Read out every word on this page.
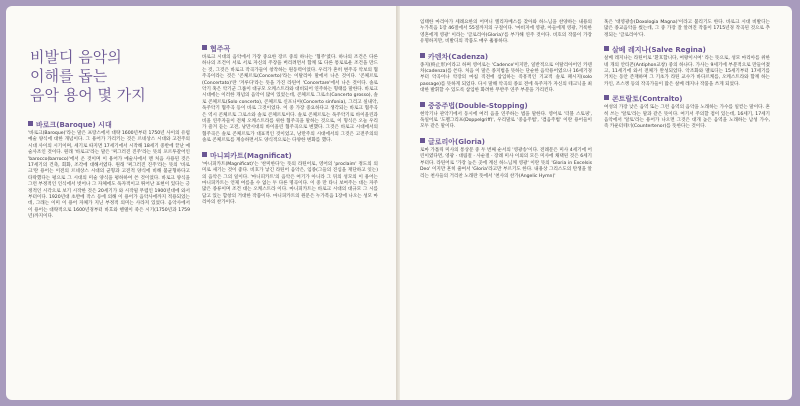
비발디 음악의
이해를 돕는
음악 용어 몇 가지
바로크(Baroque) 시대

'바로크(Baroque)'라는 말은 프랑스에서 대략 1600년부터 1750년 사이의 유럽 예술 양식에 대한 개념이다. 그 용어가 가리키는 것은 르네상스 시대와 고전주의 시대 사이의 시기이며, 세기로 따지면 17세기에서 시작해 18세기 중반에 끝난 예술사조인 것이다. 원래 '바로크'라는 말은 '찌그러진 진주'라는 뜻의 포르투갈어인 'barocco(barroco)'에서 온 것이며 이 용어가 예술사에서 맨 처음 사용된 것은 17세기의 건축, 회화, 조각에 대해서였다. 원래 '찌그러진 진주'라는 뜻의 '바로크'란 용어는 이전의 르네상스 시대의 균형과 고전적 양식에 비해 불균형하다고 타락했다는 평으로 그 시대의 미술 양식을 평하하여 쓴 것이었다. 바로크 양식을 그런 부정적인 인식에서 벗어나 그 자체에도 독자적이고 뛰어난 표현이 있다는 긍정적인 시각으로 보기 시작한 것은 20세기가 와 시작될 무렵인 1900년대에 와서부터이다. 1920년대 초반에 작스 등에 의해 이 용어가 음악사에까지 적용되었는데, 그래는 이미 이 용어 자체가 지닌 부정적 의미는 사라져 있었다. 음악사에서 이 용어는 대략적으로 1600년경부터 바흐와 헨델이 죽은 시기(1750년과 1759년)까지이다.

협주곡

바로크 시대의 음악에서 가장 중요한 장르 중의 하나는 '협주'였다. 하나의 조건은 다른 하나의 조건이 서로 서로 자신의 주장을 버리려면서 함께 또 다른 통로로운 조건을 만드는 것, 그것은 바로크 작곡가들이 창작하는 원동력이었다. 우리가 흔히 변주곡 악보의 협주곡이라는 것은 '콘체르토(Concerto)'라는 이탈리아 말에서 나온 것이다. '콘체르토(Concertato)'란 '겨루다'라는 뜻을 가진 라틴어 'Concertare'에서 나온 것이다. 솔로 악기 혹은 악기군 그룹이 대규모 오케스트라와 대비되어 연주하는 형태를 말한다. 바로크 시대에는 이러한 개념의 음악이 많이 있었는데, 콘체르토 그로소(Concerto grosso), 솔로 콘체르토(Solo concerto), 콘체르토 신포니아(Concerto sinfonia), 그리고 실내악, 독주악기 협주곡 등이 바로 그것이었다. 이 중 가장 중요하다고 생각되는 바로크 협주곡은 역시 콘체르토 그로소와 솔로 콘체르토이다. 솔로 콘체르토는 독주악기로 바이올린과 비올 연주자들이 전체 오케스트라를 위한 협주곡을 말하는 것으로, 이 형식은 오늘 우리가 즐겨 듣는 고전, 낭만시대의 바이올린 협주곡으로 변했다. 그것은 바로크 시대에서의 협주곡은 솔로 콘체르토가 대표적인 것이었고, 낭만주의 시대에서의 그것은 고전주의의 솔로 콘체르토를 계승하면서도 양식적으로는 다양한 변화를 했다.

마니피카트(Magnificat)

'마니피카트(Magnificat)'는 '찬미한다'는 뜻의 라틴어로, 영어의 'proclaim' 정도의 의미로 새기는 것이 좋다. 비호가 낳긴 라틴어 음악은, 임종(그들의 진심을 재단하고 잇는) 의 음악은 그의 일이다. '마니피카트'의 음악은 여기가 아니라 그 뒤의 성모의 이 용어는 마니피카트는 언제 여름을 수 없는 두 다른 명곡이다. 이 중 만 타니 보여주는 대는 자주 많은 종류이며 조건 대는 오케스트라 이다. 마니피카트는 바로크 시대의 대규모 그 시를 담고 있는 합창의 거대한 작품이다. 마니피카트의 원문은 누가복음 1장에 나오는 성모 마리아의 찬가이다.

임태한 마리아가 세례요한의 어머니 엘리자베스를 찾아와 하느님을 찬양하는 내용의 누가복음 1장 46절에서 55절까지의 구절이다. '마비지에 영광, 아들에게 영광, 거룩한 영혼에게 영광' 이라는 '글로리아(Gloria)'를 부가해 연주 것이다. 비호의 작품이 가장 유명하지만, 비발디의 작품도 매우 훌륭하다.

카덴차(Cadenza)

종지(終止形)이라고 하며 영어로는 'Cadence'이지만, 일반적으로 이탈리아어인 카덴차(cadenza)를 쓴다. 처음 이 말은 종지법을 뜻하는 단순한 음악용어였으나 16세기경부터 악곡이나 악장의 마침 직전에 삽입하는 즉흥적인 기교적 솔로 패시지(solo passage)를 뜻하게 되었다. 다시 말해 악곡의 종료 전에 독주자가 자신의 테크닉을 최대한 발휘할 수 있도록 삽입한 화려한 무반주 연주 부분을 가리킨다.

중중주법(Double-Stopping)

현악기나 관악기에서 동시에 여러 음을 연주하는 법을 말한다. 영어로 '더블 스토핑', 독일어로 '도펠그리프(Doppelgriff)', 우리말로 '중음주법', '겹음주법' 이란 용어들이 모두 같은 말이다.

글로리아(Gloria)

로마 가톨릭 미사의 통상문 중 두 번째 순서의 '영광송'이다. 전례문은 미사 4세기에 어린이였다면, 영광 · 대림절 · 사순절 · 장례 미사 이외의 모든 미사에 채택된 것은 6세기부터다. 라틴어로 '가장 높은 곳에 계신 하느님께 영광' 이란 뜻의 'Gloria in Excelsis Deo' 이지만 흔히 줄여서 'Gloria'라고만 부르기도 한다. 내용상 그리스도의 탄생을 알리는 천사들의 거리찬 노래란 뜻에서 '천사의 찬가(Angelic Hymn)'

혹은 '대영광송(Doxologia Magna)'이라고 불리기도 한다. 바로크 시대 비발디는 많은 종교음악을 썼는데, 그 중 가장 잘 알려진 작품이 1715년경 작곡된 것으로 추정되는 '글로리아'다.

살베 레지나(Salve Regina)

살베 레지나는 라틴어로 '환호합니다, 여왕이시여' 라는 뜻으로, 성모 마리아를 위한 네 개의 안티폰(Antiphon교창) 중의 하나다. 가사는 9세기에 부분적으로 만들어졌고, 11세기에 와서 전체가 완성되었다. 악조화와 멜로디는 15세기부터 17세기를 거치는 동안 존재하며 그 기초가 라틴 교수가 바다르케를, 오케스트라와 함께 하는 카인, 조스캥 등의 작곡가들이 많은 살베 레지나 작품을 쓰게 되었다.

콘트랄토(Contralto)

여성의 가장 낮은 음역 또는 그런 음역의 음악을 노래하는 가수를 일컫는 말이다. 흔히 쓰는 '알토'라는 말과 같은 뜻이다. 여기서 주의할 점이 있는데, 16세기, 17세기 음악에서 '알토'라는 용어가 나오면 그것은 대개 높은 음역을 노래하는 남성 가수, 즉 카운터테너(Countertenor)를 뜻한다는 것이다.
